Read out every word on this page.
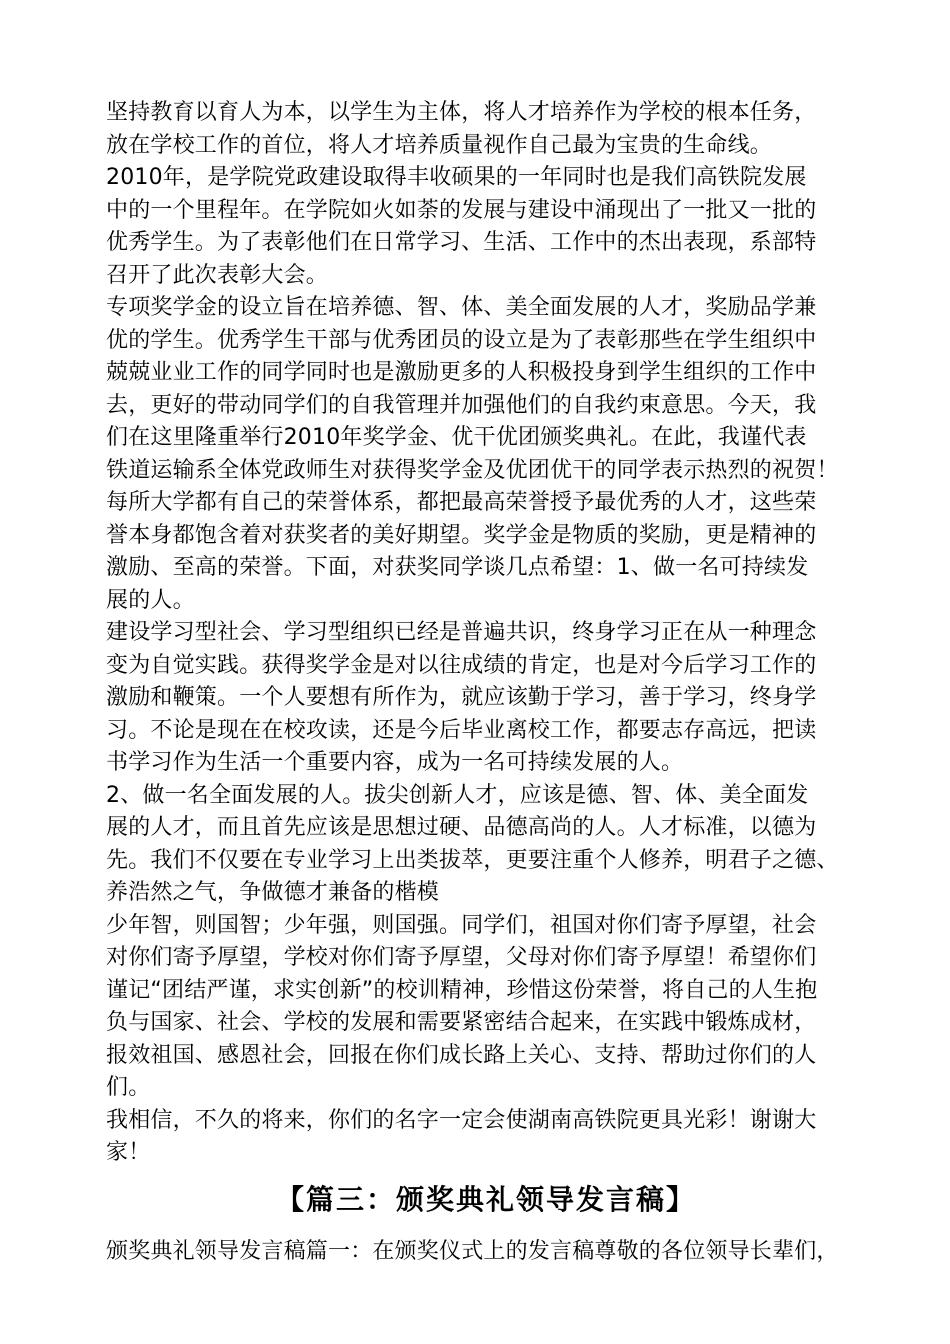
坚持教育以育人为本，以学生为主体，将人才培养作为学校的根本任务，
放在学校工作的首位，将人才培养质量视作自己最为宝贵的生命线。

2010年，是学院党政建设取得丰收硕果的一年同时也是我们高铁院发展
中的一个里程年。在学院如火如荼的发展与建设中涌现出了一批又一批的
优秀学生。为了表彰他们在日常学习、生活、工作中的杰出表现，系部特
召开了此次表彰大会。

专项奖学金的设立旨在培养德、智、体、美全面发展的人才，奖励品学兼
优的学生。优秀学生干部与优秀团员的设立是为了表彰那些在学生组织中
兢兢业业工作的同学同时也是激励更多的人积极投身到学生组织的工作中
去，更好的带动同学们的自我管理并加强他们的自我约束意思。今天，我
们在这里隆重举行2010年奖学金、优干优团颁奖典礼。在此，我谨代表
铁道运输系全体党政师生对获得奖学金及优团优干的同学表示热烈的祝贺！

每所大学都有自己的荣誉体系，都把最高荣誉授予最优秀的人才，这些荣
誉本身都饱含着对获奖者的美好期望。奖学金是物质的奖励，更是精神的
激励、至高的荣誉。下面，对获奖同学谈几点希望：1、做一名可持续发
展的人。

建设学习型社会、学习型组织已经是普遍共识，终身学习正在从一种理念
变为自觉实践。获得奖学金是对以往成绩的肯定，也是对今后学习工作的
激励和鞭策。一个人要想有所作为，就应该勤于学习，善于学习，终身学
习。不论是现在在校攻读，还是今后毕业离校工作，都要志存高远，把读
书学习作为生活一个重要内容，成为一名可持续发展的人。

2、做一名全面发展的人。拔尖创新人才，应该是德、智、体、美全面发
展的人才，而且首先应该是思想过硬、品德高尚的人。人才标准，以德为
先。我们不仅要在专业学习上出类拔萃，更要注重个人修养，明君子之德、
养浩然之气，争做德才兼备的楷模

少年智，则国智；少年强，则国强。同学们，祖国对你们寄予厚望，社会
对你们寄予厚望，学校对你们寄予厚望，父母对你们寄予厚望！希望你们
谨记“团结严谨，求实创新”的校训精神，珍惜这份荣誉，将自己的人生抱
负与国家、社会、学校的发展和需要紧密结合起来，在实践中锻炼成材，
报效祖国、感恩社会，回报在你们成长路上关心、支持、帮助过你们的人
们。

我相信，不久的将来，你们的名字一定会使湖南高铁院更具光彩！谢谢大
家！

【篇三：颁奖典礼领导发言稿】

颁奖典礼领导发言稿篇一：在颁奖仪式上的发言稿尊敬的各位领导长辈们，
